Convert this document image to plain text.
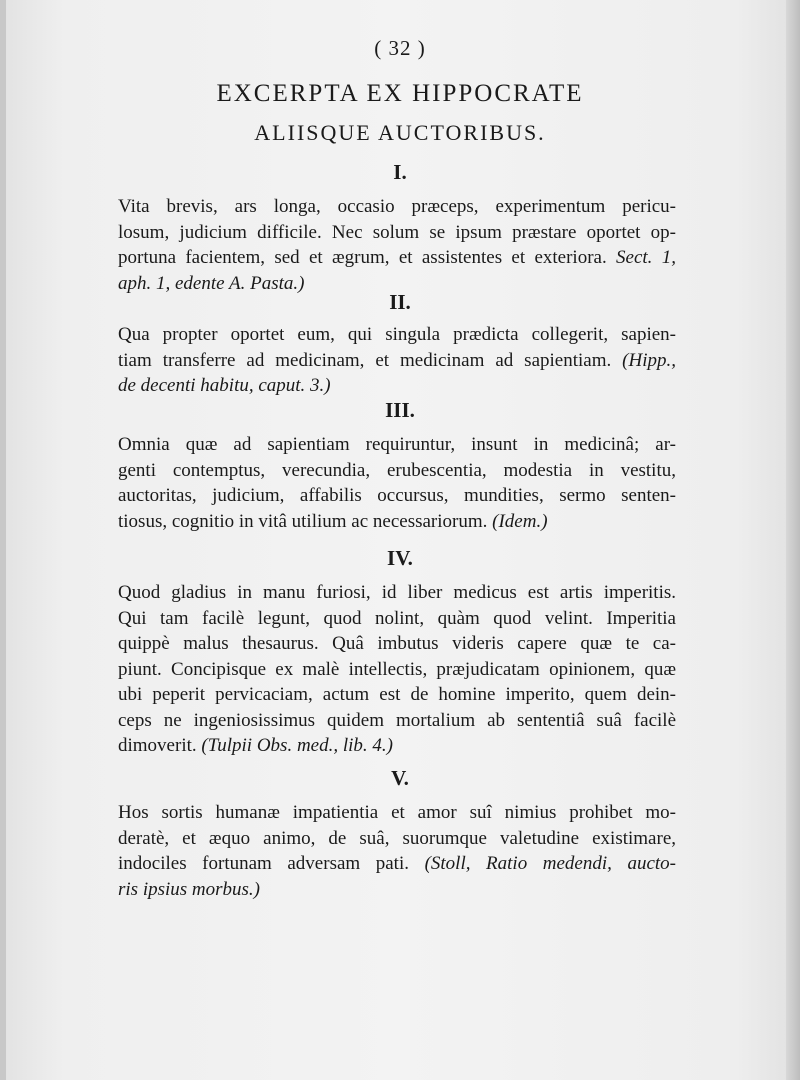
( 32 )
EXCERPTA EX HIPPOCRATE
ALIISQUE AUCTORIBUS.
I.
Vita brevis, ars longa, occasio præceps, experimentum pericu-
losum, judicium difficile. Nec solum se ipsum præstare oportet op-
portuna facientem, sed et ægrum, et assistentes et exteriora. Sect. 1,
aph. 1, edente A. Pasta.)
II.
Qua propter oportet eum, qui singula prædicta collegerit, sapien-
tiam transferre ad medicinam, et medicinam ad sapientiam. (Hipp.,
de decenti habitu, caput. 3.)
III.
Omnia quæ ad sapientiam requiruntur, insunt in medicinâ; ar-
genti contemptus, verecundia, erubescentia, modestia in vestitu,
auctoritas, judicium, affabilis occursus, mundities, sermo senten-
tiosus, cognitio in vitâ utilium ac necessariorum. (Idem.)
IV.
Quod gladius in manu furiosi, id liber medicus est artis imperitis.
Qui tam facilè legunt, quod nolint, quàm quod velint. Imperitia
quippè malus thesaurus. Quâ imbutus videris capere quæ te ca-
piunt. Concipisque ex malè intellectis, præjudicatam opinionem, quæ
ubi peperit pervicaciam, actum est de homine imperito, quem dein-
ceps ne ingeniosissimus quidem mortalium ab sententiâ suâ facilè
dimoverit. (Tulpii Obs. med., lib. 4.)
V.
Hos sortis humanæ impatientia et amor suî nimius prohibet mo-
deratè, et æquo animo, de suâ, suorumque valetudine existimare,
indociles fortunam adversam pati. (Stoll, Ratio medendi, aucto-
ris ipsius morbus.)
